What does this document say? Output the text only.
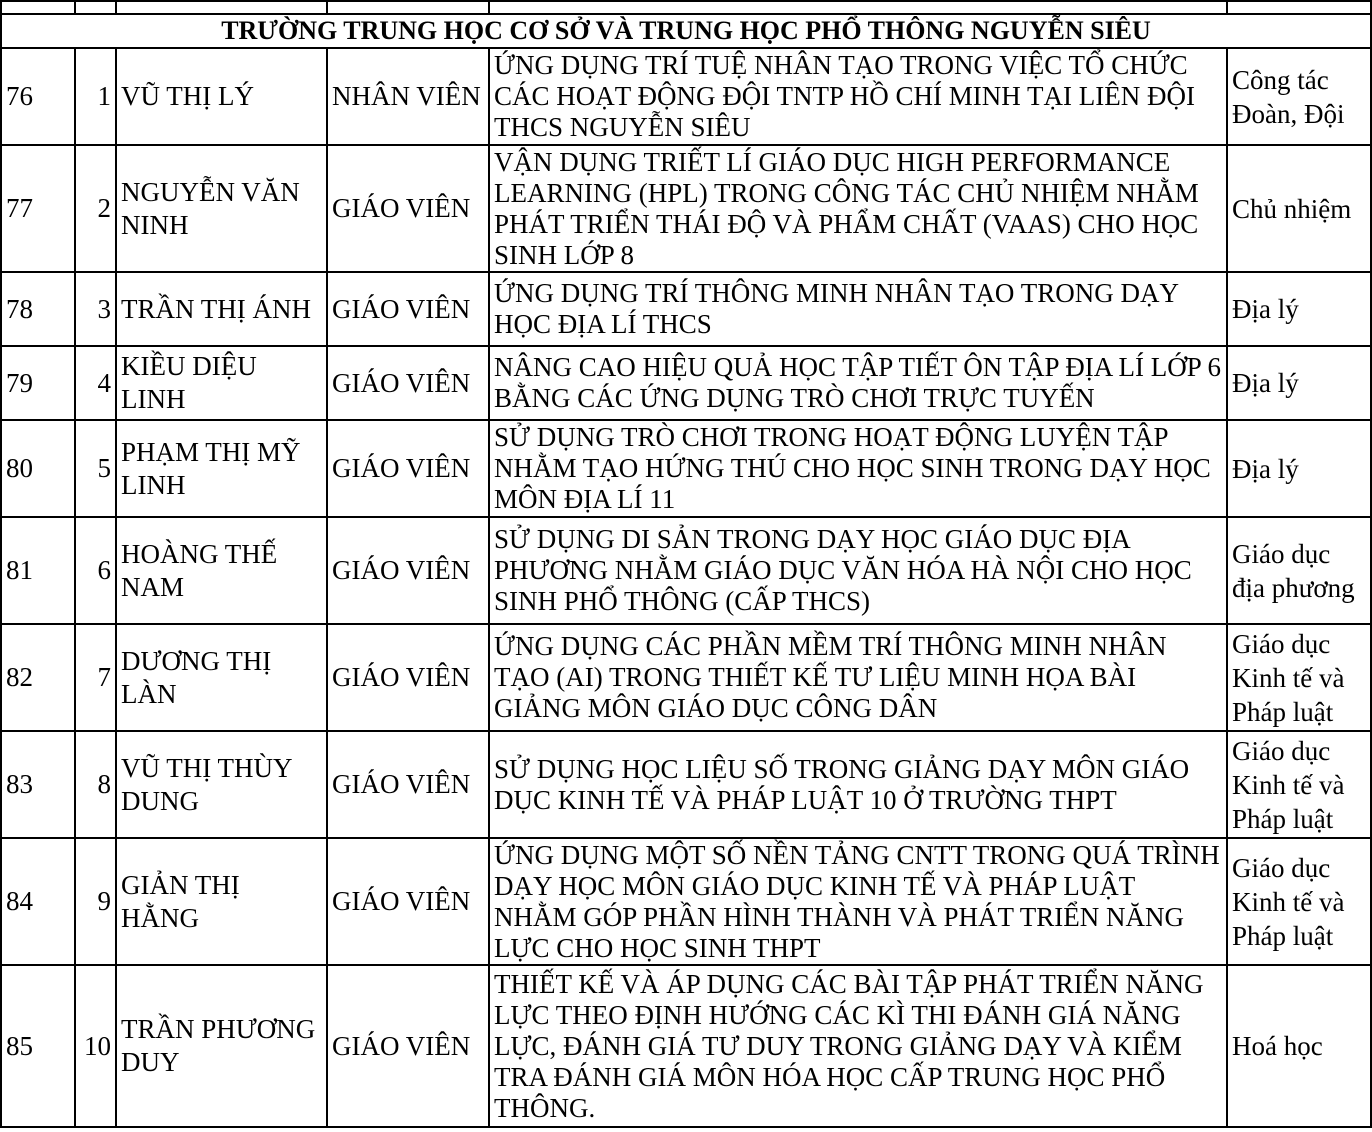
TRƯỜNG TRUNG HỌC CƠ SỞ VÀ TRUNG HỌC PHỔ THÔNG NGUYỄN SIÊU					
76	1	VŨ THỊ LÝ	NHÂN VIÊN	ỨNG DỤNG TRÍ TUỆ NHÂN TẠO TRONG VIỆC TỔ CHỨC CÁC HOẠT ĐỘNG ĐỘI TNTP HỒ CHÍ MINH TẠI LIÊN ĐỘI THCS NGUYỄN SIÊU	Công tác Đoàn, Đội
77	2	NGUYỄN VĂN NINH	GIÁO VIÊN	VẬN DỤNG TRIẾT LÍ GIÁO DỤC HIGH PERFORMANCE LEARNING (HPL) TRONG CÔNG TÁC CHỦ NHIỆM NHẰM PHÁT TRIỂN THÁI ĐỘ VÀ PHẨM CHẤT (VAAS) CHO HỌC SINH LỚP 8	Chủ nhiệm
78	3	TRẦN THỊ ÁNH	GIÁO VIÊN	ỨNG DỤNG TRÍ THÔNG MINH NHÂN TẠO TRONG DẠY HỌC ĐỊA LÍ THCS	Địa lý
79	4	KIỀU DIỆU LINH	GIÁO VIÊN	NÂNG CAO HIỆU QUẢ HỌC TẬP TIẾT ÔN TẬP ĐỊA LÍ LỚP 6 BẰNG CÁC ỨNG DỤNG TRÒ CHƠI TRỰC TUYẾN	Địa lý
80	5	PHẠM THỊ MỸ LINH	GIÁO VIÊN	SỬ DỤNG TRÒ CHƠI TRONG HOẠT ĐỘNG LUYỆN TẬP NHẰM TẠO HỨNG THÚ CHO HỌC SINH TRONG DẠY HỌC MÔN ĐỊA LÍ 11	Địa lý
81	6	HOÀNG THẾ NAM	GIÁO VIÊN	SỬ DỤNG DI SẢN TRONG DẠY HỌC GIÁO DỤC ĐỊA PHƯƠNG NHẰM GIÁO DỤC VĂN HÓA HÀ NỘI CHO HỌC SINH PHỔ THÔNG (CẤP THCS)	Giáo dục địa phương
82	7	DƯƠNG THỊ LÀN	GIÁO VIÊN	ỨNG DỤNG CÁC PHẦN MỀM TRÍ THÔNG MINH NHÂN TẠO (AI) TRONG THIẾT KẾ TƯ LIỆU MINH HỌA BÀI GIẢNG MÔN GIÁO DỤC CÔNG DÂN	Giáo dục Kinh tế và Pháp luật
83	8	VŨ THỊ THÙY DUNG	GIÁO VIÊN	SỬ DỤNG HỌC LIỆU SỐ TRONG GIẢNG DẠY MÔN GIÁO DỤC KINH TẾ VÀ PHÁP LUẬT 10 Ở TRƯỜNG THPT	Giáo dục Kinh tế và Pháp luật
84	9	GIẢN THỊ HẰNG	GIÁO VIÊN	ỨNG DỤNG MỘT SỐ NỀN TẢNG CNTT TRONG QUÁ TRÌNH DẠY HỌC MÔN GIÁO DỤC KINH TẾ VÀ PHÁP LUẬT NHẰM GÓP PHẦN HÌNH THÀNH VÀ PHÁT TRIỂN NĂNG LỰC CHO HỌC SINH THPT	Giáo dục Kinh tế và Pháp luật
85	10	TRẦN PHƯƠNG DUY	GIÁO VIÊN	THIẾT KẾ VÀ ÁP DỤNG CÁC BÀI TẬP PHÁT TRIỂN NĂNG LỰC THEO ĐỊNH HƯỚNG CÁC KÌ THI ĐÁNH GIÁ NĂNG LỰC, ĐÁNH GIÁ TƯ DUY TRONG GIẢNG DẠY VÀ KIỂM TRA ĐÁNH GIÁ MÔN HÓA HỌC CẤP TRUNG HỌC PHỔ THÔNG.	Hoá học
